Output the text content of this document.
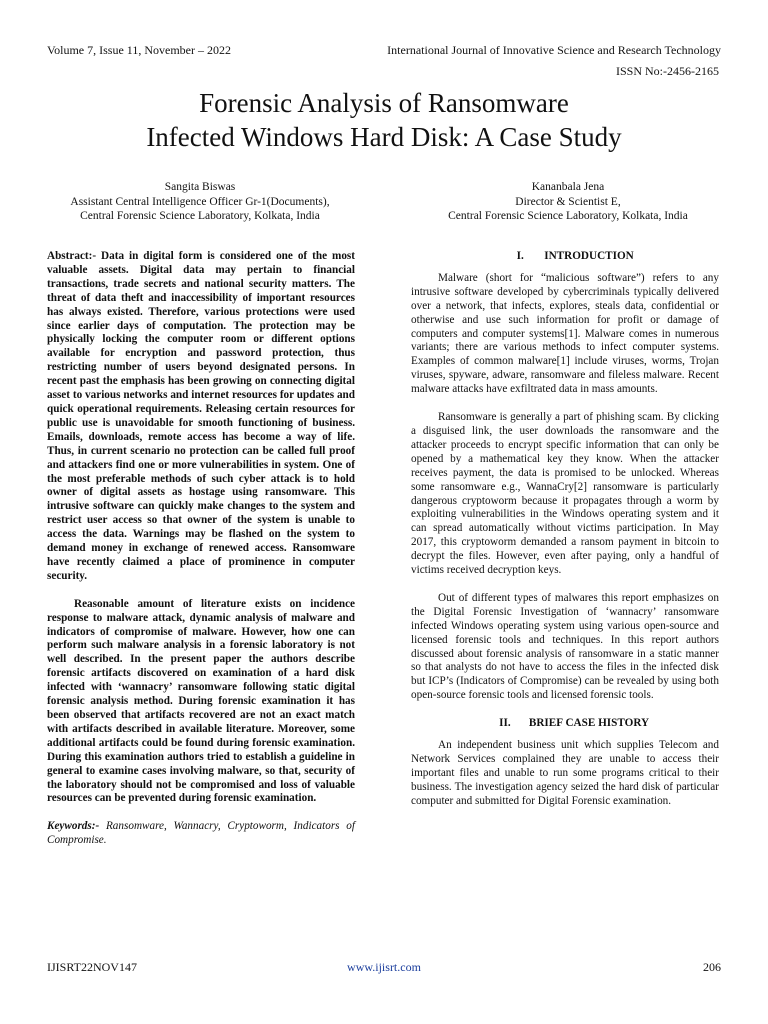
Volume 7, Issue 11, November – 2022	International Journal of Innovative Science and Research Technology
ISSN No:-2456-2165
Forensic Analysis of Ransomware
Infected Windows Hard Disk: A Case Study
Sangita Biswas
Assistant Central Intelligence Officer Gr-1(Documents),
Central Forensic Science Laboratory, Kolkata, India
Kananbala Jena
Director & Scientist E,
Central Forensic Science Laboratory, Kolkata, India

Abstract:- Data in digital form is considered one of the most valuable assets. Digital data may pertain to financial transactions, trade secrets and national security matters. The threat of data theft and inaccessibility of important resources has always existed. Therefore, various protections were used since earlier days of computation. The protection may be physically locking the computer room or different options available for encryption and password protection, thus restricting number of users beyond designated persons. In recent past the emphasis has been growing on connecting digital asset to various networks and internet resources for updates and quick operational requirements. Releasing certain resources for public use is unavoidable for smooth functioning of business. Emails, downloads, remote access has become a way of life. Thus, in current scenario no protection can be called full proof and attackers find one or more vulnerabilities in system. One of the most preferable methods of such cyber attack is to hold owner of digital assets as hostage using ransomware. This intrusive software can quickly make changes to the system and restrict user access so that owner of the system is unable to access the data. Warnings may be flashed on the system to demand money in exchange of renewed access. Ransomware have recently claimed a place of prominence in computer security.

Reasonable amount of literature exists on incidence response to malware attack, dynamic analysis of malware and indicators of compromise of malware. However, how one can perform such malware analysis in a forensic laboratory is not well described. In the present paper the authors describe forensic artifacts discovered on examination of a hard disk infected with ‘wannacry’ ransomware following static digital forensic analysis method. During forensic examination it has been observed that artifacts recovered are not an exact match with artifacts described in available literature. Moreover, some additional artifacts could be found during forensic examination. During this examination authors tried to establish a guideline in general to examine cases involving malware, so that, security of the laboratory should not be compromised and loss of valuable resources can be prevented during forensic examination.

Keywords:- Ransomware, Wannacry, Cryptoworm, Indicators of Compromise.

I. INTRODUCTION

Malware (short for “malicious software”) refers to any intrusive software developed by cybercriminals typically delivered over a network, that infects, explores, steals data, confidential or otherwise and use such information for profit or damage of computers and computer systems[1]. Malware comes in numerous variants; there are various methods to infect computer systems. Examples of common malware[1] include viruses, worms, Trojan viruses, spyware, adware, ransomware and fileless malware. Recent malware attacks have exfiltrated data in mass amounts.

Ransomware is generally a part of phishing scam. By clicking a disguised link, the user downloads the ransomware and the attacker proceeds to encrypt specific information that can only be opened by a mathematical key they know. When the attacker receives payment, the data is promised to be unlocked. Whereas some ransomware e.g., WannaCry[2] ransomware is particularly dangerous cryptoworm because it propagates through a worm by exploiting vulnerabilities in the Windows operating system and it can spread automatically without victims participation. In May 2017, this cryptoworm demanded a ransom payment in bitcoin to decrypt the files. However, even after paying, only a handful of victims received decryption keys.

Out of different types of malwares this report emphasizes on the Digital Forensic Investigation of ‘wannacry’ ransomware infected Windows operating system using various open-source and licensed forensic tools and techniques. In this report authors discussed about forensic analysis of ransomware in a static manner so that analysts do not have to access the files in the infected disk but ICP’s (Indicators of Compromise) can be revealed by using both open-source forensic tools and licensed forensic tools.

II. BRIEF CASE HISTORY

An independent business unit which supplies Telecom and Network Services complained they are unable to access their important files and unable to run some programs critical to their business. The investigation agency seized the hard disk of particular computer and submitted for Digital Forensic examination.

IJISRT22NOV147	www.ijisrt.com	206
